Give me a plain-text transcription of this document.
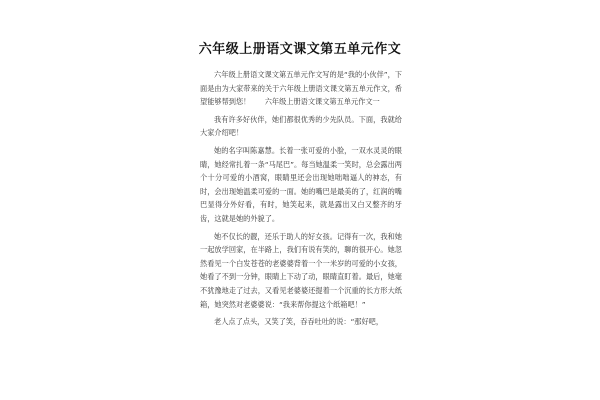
六年级上册语文课文第五单元作文

六年级上册语文课文第五单元作文写的是“我的小伙伴”，下面是由为大家带来的关于六年级上册语文课文第五单元作文，希望能够帮到您！　　六年级上册语文课文第五单元作文一

我有许多好伙伴，她们都很优秀的少先队员。下面，我就给大家介绍吧！

她的名字叫陈嘉慧。长着一张可爱的小脸，一双水灵灵的眼睛，她经常扎着一条“马尾巴”。每当她温柔一笑时，总会露出两个十分可爱的小酒窝，眼睛里还会出现她咄咄逼人的神态，有时，会出现她温柔可爱的一面。她的嘴巴是最美的了，红润的嘴巴显得分外好看，有时，她笑起来，就是露出又白又整齐的牙齿，这就是她的外貌了。

她不仅长的靓，还乐于助人的好女孩。记得有一次，我和她一起放学回家，在半路上，我们有说有笑的，聊的很开心。她忽然看见一个白发苍苍的老婆婆背着一个一米岁的可爱的小女孩，她看了不到一分钟，眼睛上下动了动，眼睛直盯着。最后，她毫不犹豫地走了过去，又看见老婆婆还提着一个沉重的长方形大纸箱，她突然对老婆婆说：“我来帮你提这个纸箱吧！”

老人点了点头，又笑了笑，吞吞吐吐的说：“那好吧，
